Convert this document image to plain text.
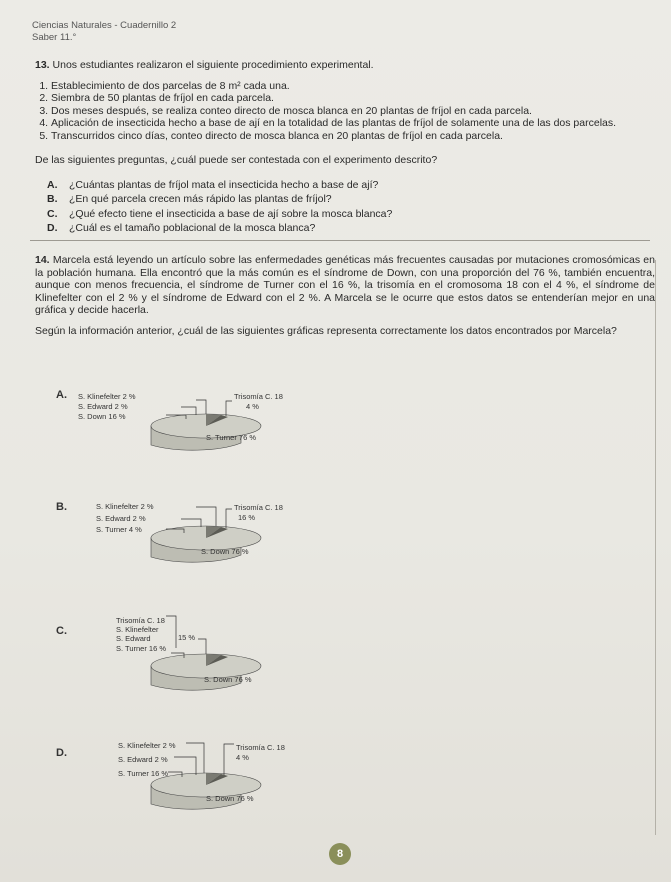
Ciencias Naturales - Cuadernillo 2
Saber 11.°
13. Unos estudiantes realizaron el siguiente procedimiento experimental.
1. Establecimiento de dos parcelas de 8 m² cada una.
2. Siembra de 50 plantas de fríjol en cada parcela.
3. Dos meses después, se realiza conteo directo de mosca blanca en 20 plantas de fríjol en cada parcela.
4. Aplicación de insecticida hecho a base de ají en la totalidad de las plantas de fríjol de solamente una de las dos parcelas.
5. Transcurridos cinco días, conteo directo de mosca blanca en 20 plantas de fríjol en cada parcela.
De las siguientes preguntas, ¿cuál puede ser contestada con el experimento descrito?
A.	¿Cuántas plantas de fríjol mata el insecticida hecho a base de ají?
B.	¿En qué parcela crecen más rápido las plantas de fríjol?
C.	¿Qué efecto tiene el insecticida a base de ají sobre la mosca blanca?
D.	¿Cuál es el tamaño poblacional de la mosca blanca?

14. Marcela está leyendo un artículo sobre las enfermedades genéticas más frecuentes causadas por mutaciones cromosómicas en la población humana. Ella encontró que la más común es el síndrome de Down, con una proporción del 76 %, también encuentra, aunque con menos frecuencia, el síndrome de Turner con el 16 %, la trisomía en el cromosoma 18 con el 4 %, el síndrome de Klinefelter con el 2 % y el síndrome de Edward con el 2 %. A Marcela se le ocurre que estos datos se entenderían mejor en una gráfica y decide hacerla.

Según la información anterior, ¿cuál de las siguientes gráficas representa correctamente los datos encontrados por Marcela?

A. S. Klinefelter 2 %
S. Edward 2 %
S. Down 16 %
Trisomía C. 18
4 %
S. Turner 76 %
B.	S. Klinefelter 2 %
S. Edward 2 %
S. Turner 4 %
Trisomía C. 18
16 %
S. Down 76 %
C.
Trisomía C. 18
S. Klinefelter
S. Edward
S. Turner 16 %
15 %
S. Down 76 %
D.
S. Klinefelter 2 %
S. Edward 2 %
S. Turner 16 %
Trisomía C. 18
4 %
S. Down 76 %
8
